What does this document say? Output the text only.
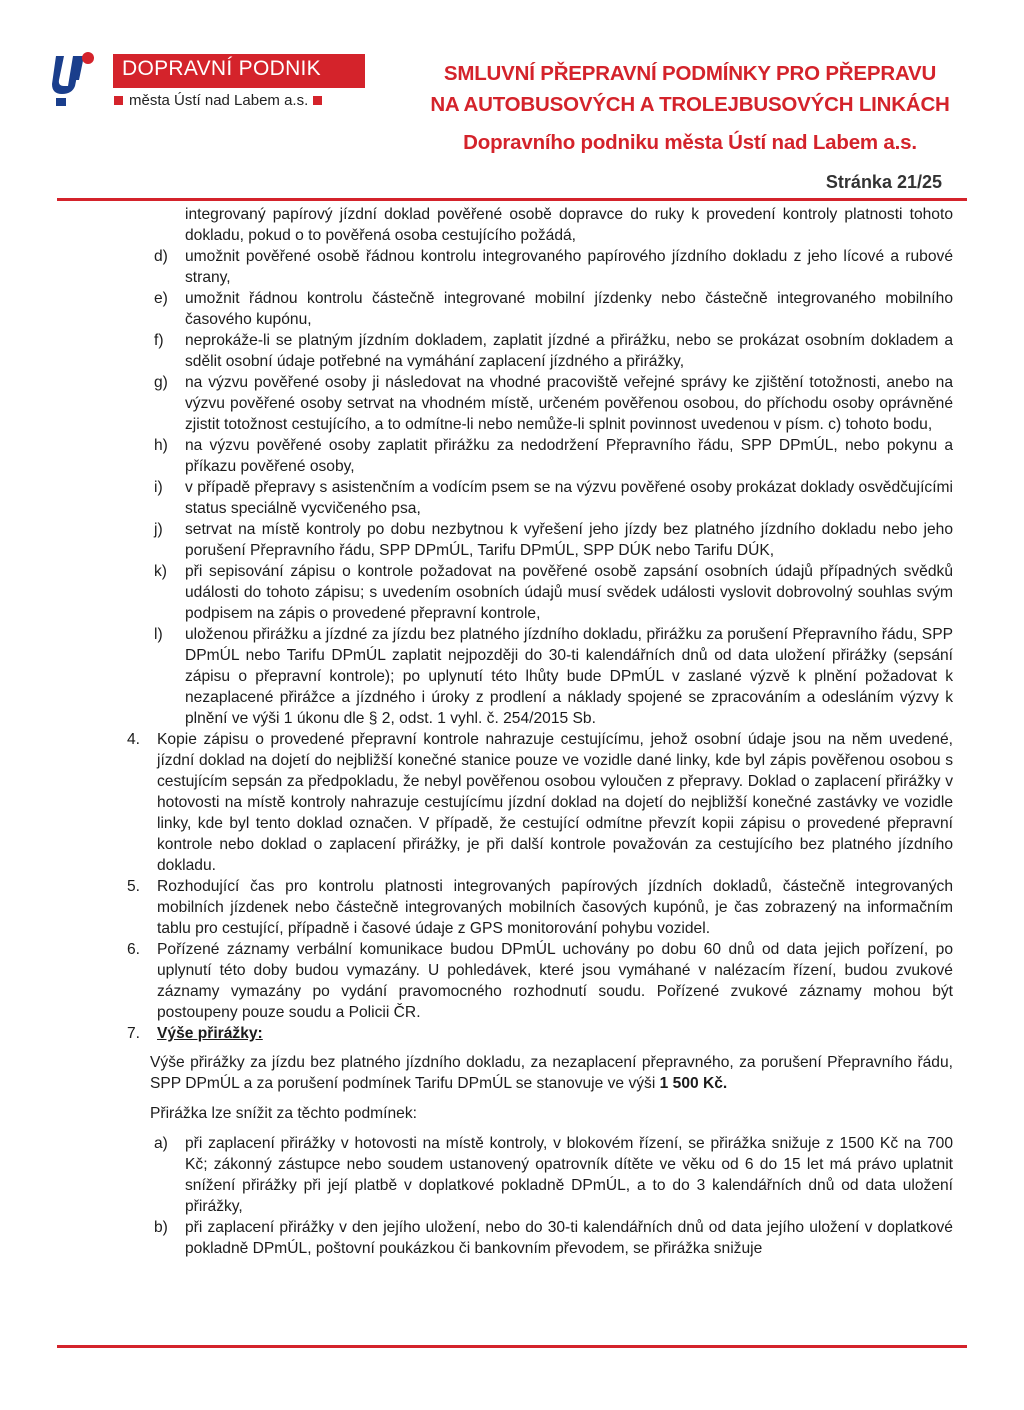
DOPRAVNÍ PODNIK
města Ústí nad Labem a.s.
SMLUVNÍ PŘEPRAVNÍ PODMÍNKY PRO PŘEPRAVU
NA AUTOBUSOVÝCH A TROLEJBUSOVÝCH LINKÁCH
Dopravního podniku města Ústí nad Labem a.s.
Stránka 21/25
integrovaný papírový jízdní doklad pověřené osobě dopravce do ruky k provedení kontroly platnosti tohoto dokladu, pokud o to pověřená osoba cestujícího požádá,
d) umožnit pověřené osobě řádnou kontrolu integrovaného papírového jízdního dokladu z jeho lícové a rubové strany,
e) umožnit řádnou kontrolu částečně integrované mobilní jízdenky nebo částečně integrovaného mobilního časového kupónu,
f) neprokáže-li se platným jízdním dokladem, zaplatit jízdné a přirážku, nebo se prokázat osobním dokladem a sdělit osobní údaje potřebné na vymáhání zaplacení jízdného a přirážky,
g) na výzvu pověřené osoby ji následovat na vhodné pracoviště veřejné správy ke zjištění totožnosti, anebo na výzvu pověřené osoby setrvat na vhodném místě, určeném pověřenou osobou, do příchodu osoby oprávněné zjistit totožnost cestujícího, a to odmítne-li nebo nemůže-li splnit povinnost uvedenou v písm. c) tohoto bodu,
h) na výzvu pověřené osoby zaplatit přirážku za nedodržení Přepravního řádu, SPP DPmÚL, nebo pokynu a příkazu pověřené osoby,
i) v případě přepravy s asistenčním a vodícím psem se na výzvu pověřené osoby prokázat doklady osvědčujícími status speciálně vycvičeného psa,
j) setrvat na místě kontroly po dobu nezbytnou k vyřešení jeho jízdy bez platného jízdního dokladu nebo jeho porušení Přepravního řádu, SPP DPmÚL, Tarifu DPmÚL, SPP DÚK nebo Tarifu DÚK,
k) při sepisování zápisu o kontrole požadovat na pověřené osobě zapsání osobních údajů případných svědků události do tohoto zápisu; s uvedením osobních údajů musí svědek události vyslovit dobrovolný souhlas svým podpisem na zápis o provedené přepravní kontrole,
l) uloženou přirážku a jízdné za jízdu bez platného jízdního dokladu, přirážku za porušení Přepravního řádu, SPP DPmÚL nebo Tarifu DPmÚL zaplatit nejpozději do 30-ti kalendářních dnů od data uložení přirážky (sepsání zápisu o přepravní kontrole); po uplynutí této lhůty bude DPmÚL v zaslané výzvě k plnění požadovat k nezaplacené přirážce a jízdného i úroky z prodlení a náklady spojené se zpracováním a odesláním výzvy k plnění ve výši 1 úkonu dle § 2, odst. 1 vyhl. č. 254/2015 Sb.
4. Kopie zápisu o provedené přepravní kontrole nahrazuje cestujícímu, jehož osobní údaje jsou na něm uvedené, jízdní doklad na dojetí do nejbližší konečné stanice pouze ve vozidle dané linky, kde byl zápis pověřenou osobou s cestujícím sepsán za předpokladu, že nebyl pověřenou osobou vyloučen z přepravy. Doklad o zaplacení přirážky v hotovosti na místě kontroly nahrazuje cestujícímu jízdní doklad na dojetí do nejbližší konečné zastávky ve vozidle linky, kde byl tento doklad označen. V případě, že cestující odmítne převzít kopii zápisu o provedené přepravní kontrole nebo doklad o zaplacení přirážky, je při další kontrole považován za cestujícího bez platného jízdního dokladu.
5. Rozhodující čas pro kontrolu platnosti integrovaných papírových jízdních dokladů, částečně integrovaných mobilních jízdenek nebo částečně integrovaných mobilních časových kupónů, je čas zobrazený na informačním tablu pro cestující, případně i časové údaje z GPS monitorování pohybu vozidel.
6. Pořízené záznamy verbální komunikace budou DPmÚL uchovány po dobu 60 dnů od data jejich pořízení, po uplynutí této doby budou vymazány. U pohledávek, které jsou vymáhané v nalézacím řízení, budou zvukové záznamy vymazány po vydání pravomocného rozhodnutí soudu. Pořízené zvukové záznamy mohou být postoupeny pouze soudu a Policii ČR.
7. Výše přirážky:
Výše přirážky za jízdu bez platného jízdního dokladu, za nezaplacení přepravného, za porušení Přepravního řádu, SPP DPmÚL a za porušení podmínek Tarifu DPmÚL se stanovuje ve výši 1 500 Kč.
Přirážka lze snížit za těchto podmínek:
a) při zaplacení přirážky v hotovosti na místě kontroly, v blokovém řízení, se přirážka snižuje z 1500 Kč na 700 Kč; zákonný zástupce nebo soudem ustanovený opatrovník dítěte ve věku od 6 do 15 let má právo uplatnit snížení přirážky při její platbě v doplatkové pokladně DPmÚL, a to do 3 kalendářních dnů od data uložení přirážky,
b) při zaplacení přirážky v den jejího uložení, nebo do 30-ti kalendářních dnů od data jejího uložení v doplatkové pokladně DPmÚL, poštovní poukázkou či bankovním převodem, se přirážka snižuje
